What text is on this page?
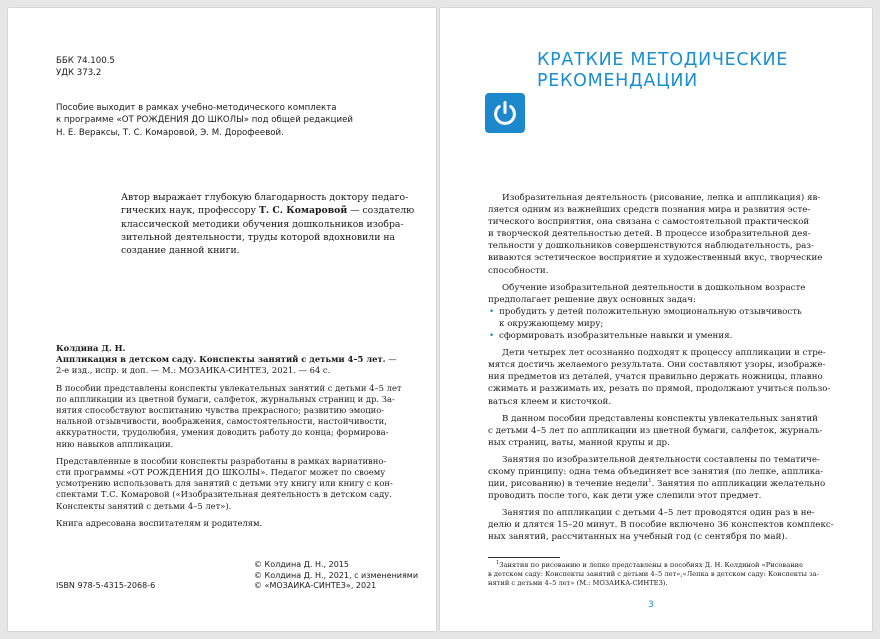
ББК 74.100.5
УДК 373.2
Пособие выходит в рамках учебно-методического комплекта
к программе «ОТ РОЖДЕНИЯ ДО ШКОЛЫ» под общей редакцией
Н. Е. Вераксы, Т. С. Комаровой, Э. М. Дорофеевой.
Автор выражает глубокую благодарность доктору педаго-
гических наук, профессору Т. С. Комаровой — создателю
классической методики обучения дошкольников изобра-
зительной деятельности, труды которой вдохновили на
создание данной книги.
Колдина Д. Н.
Аппликация в детском саду. Конспекты занятий с детьми 4–5 лет. —
2-е изд., испр. и доп. — М.: МОЗАИКА-СИНТЕЗ, 2021. — 64 с.
В пособии представлены конспекты увлекательных занятий с детьми 4–5 лет
по аппликации из цветной бумаги, салфеток, журнальных страниц и др. За-
нятия способствуют воспитанию чувства прекрасного; развитию эмоцио-
нальной отзывчивости, воображения, самостоятельности, настойчивости,
аккуратности, трудолюбия, умения доводить работу до конца; формирова-
нию навыков аппликации.
Представленные в пособии конспекты разработаны в рамках вариативно-
сти программы «ОТ РОЖДЕНИЯ ДО ШКОЛЫ». Педагог может по своему
усмотрению использовать для занятий с детьми эту книгу или книгу с кон-
спектами Т.С. Комаровой («Изобразительная деятельность в детском саду.
Конспекты занятий с детьми 4–5 лет»).
Книга адресована воспитателям и родителям.
© Колдина Д. Н., 2015
© Колдина Д. Н., 2021, с изменениями
© «МОЗАИКА-СИНТЕЗ», 2021
ISBN 978-5-4315-2068-6
КРАТКИЕ МЕТОДИЧЕСКИЕ
РЕКОМЕНДАЦИИ
Изобразительная деятельность (рисование, лепка и аппликация) яв-
ляется одним из важнейших средств познания мира и развития эсте-
тического восприятия, она связана с самостоятельной практической
и творческой деятельностью детей. В процессе изобразительной дея-
тельности у дошкольников совершенствуются наблюдательность, раз-
виваются эстетическое восприятие и художественный вкус, творческие
способности.
Обучение изобразительной деятельности в дошкольном возрасте
предполагает решение двух основных задач:
• пробудить у детей положительную эмоциональную отзывчивость
к окружающему миру;
• сформировать изобразительные навыки и умения.
Дети четырех лет осознанно подходят к процессу аппликации и стре-
мятся достичь желаемого результата. Они составляют узоры, изображе-
ния предметов из деталей, учатся правильно держать ножницы, плавно
сжимать и разжимать их, резать по прямой, продолжают учиться пользо-
ваться клеем и кисточкой.
В данном пособии представлены конспекты увлекательных занятий
с детьми 4–5 лет по аппликации из цветной бумаги, салфеток, журналь-
ных страниц, ваты, манной крупы и др.
Занятия по изобразительной деятельности составлены по тематиче-
скому принципу: одна тема объединяет все занятия (по лепке, апплика-
ции, рисованию) в течение недели$^1$. Занятия по аппликации желательно
проводить после того, как дети уже слепили этот предмет.
Занятия по аппликации с детьми 4–5 лет проводятся один раз в не-
делю и длятся 15–20 минут. В пособие включено 36 конспектов комплекс-
ных занятий, рассчитанных на учебный год (с сентября по май).
$^1$Занятия по рисованию и лепке представлены в пособиях Д. Н. Колдиной «Рисование
в детском саду: Конспекты занятий с детьми 4–5 лет»,«Лепка в детском саду: Конспекты за-
нятий с детьми 4–5 лет» (М.: МОЗАИКА-СИНТЕЗ).
3
